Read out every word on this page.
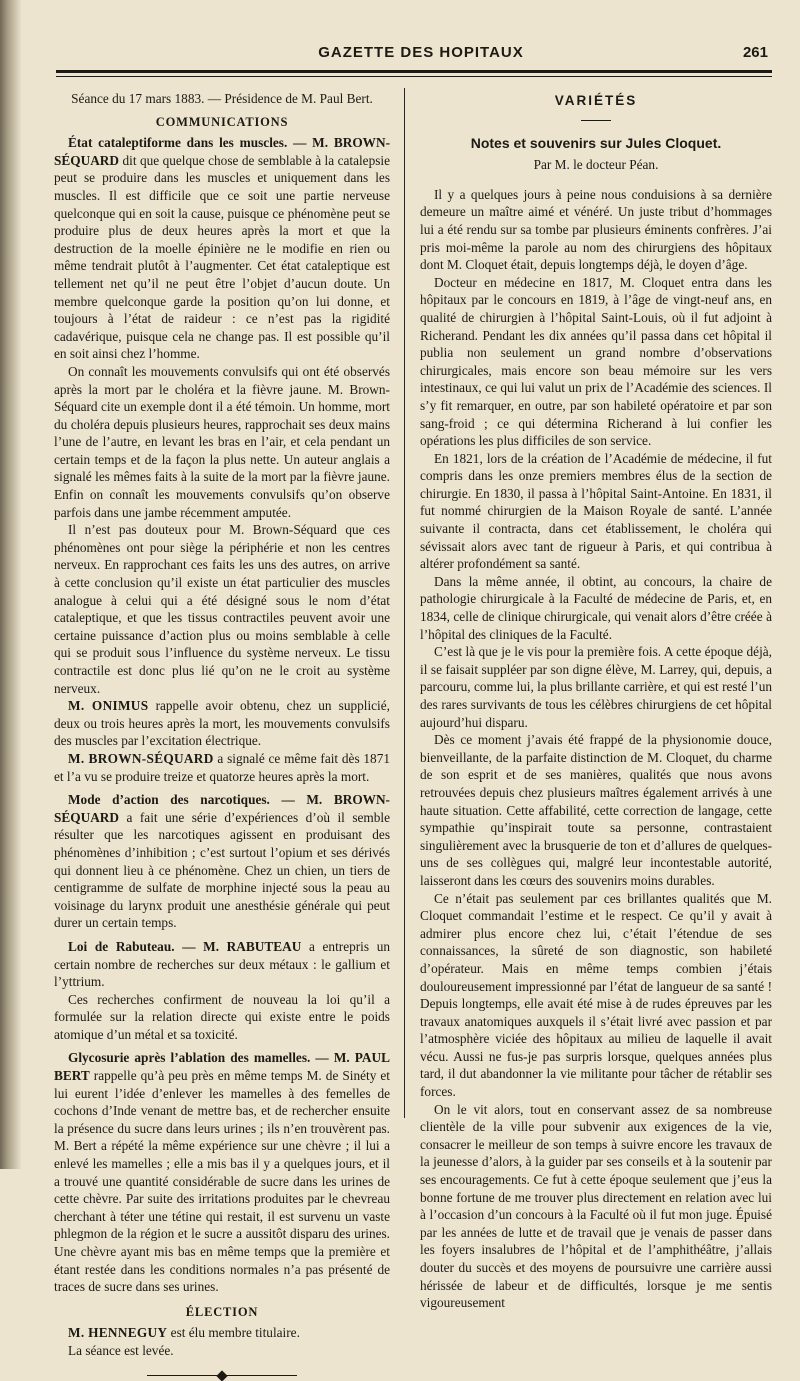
GAZETTE DES HOPITAUX	261

Séance du 17 mars 1883. — Présidence de M. Paul Bert.

COMMUNICATIONS

État cataleptiforme dans les muscles. — M. BROWN-SÉQUARD dit que quelque chose de semblable à la catalepsie peut se produire dans les muscles et uniquement dans les muscles. Il est difficile que ce soit une partie nerveuse quelconque qui en soit la cause, puisque ce phénomène peut se produire plus de deux heures après la mort et que la destruction de la moelle épinière ne le modifie en rien ou même tendrait plutôt à l’augmenter. Cet état cataleptique est tellement net qu’il ne peut être l’objet d’aucun doute. Un membre quelconque garde la position qu’on lui donne, et toujours à l’état de raideur : ce n’est pas la rigidité cadavérique, puisque cela ne change pas. Il est possible qu’il en soit ainsi chez l’homme.

On connaît les mouvements convulsifs qui ont été observés après la mort par le choléra et la fièvre jaune. M. Brown-Séquard cite un exemple dont il a été témoin. Un homme, mort du choléra depuis plusieurs heures, rapprochait ses deux mains l’une de l’autre, en levant les bras en l’air, et cela pendant un certain temps et de la façon la plus nette. Un auteur anglais a signalé les mêmes faits à la suite de la mort par la fièvre jaune. Enfin on connaît les mouvements convulsifs qu’on observe parfois dans une jambe récemment amputée.

Il n’est pas douteux pour M. Brown-Séquard que ces phénomènes ont pour siège la périphérie et non les centres nerveux. En rapprochant ces faits les uns des autres, on arrive à cette conclusion qu’il existe un état particulier des muscles analogue à celui qui a été désigné sous le nom d’état cataleptique, et que les tissus contractiles peuvent avoir une certaine puissance d’action plus ou moins semblable à celle qui se produit sous l’influence du système nerveux. Le tissu contractile est donc plus lié qu’on ne le croit au système nerveux.

M. ONIMUS rappelle avoir obtenu, chez un supplicié, deux ou trois heures après la mort, les mouvements convulsifs des muscles par l’excitation électrique.

M. BROWN-SÉQUARD a signalé ce même fait dès 1871 et l’a vu se produire treize et quatorze heures après la mort.

Mode d’action des narcotiques. — M. BROWN-SÉQUARD a fait une série d’expériences d’où il semble résulter que les narcotiques agissent en produisant des phénomènes d’inhibition ; c’est surtout l’opium et ses dérivés qui donnent lieu à ce phénomène. Chez un chien, un tiers de centigramme de sulfate de morphine injecté sous la peau au voisinage du larynx produit une anesthésie générale qui peut durer un certain temps.

Loi de Rabuteau. — M. RABUTEAU a entrepris un certain nombre de recherches sur deux métaux : le gallium et l’yttrium.

Ces recherches confirment de nouveau la loi qu’il a formulée sur la relation directe qui existe entre le poids atomique d’un métal et sa toxicité.

Glycosurie après l’ablation des mamelles. — M. PAUL BERT rappelle qu’à peu près en même temps M. de Sinéty et lui eurent l’idée d’enlever les mamelles à des femelles de cochons d’Inde venant de mettre bas, et de rechercher ensuite la présence du sucre dans leurs urines ; ils n’en trouvèrent pas. M. Bert a répété la même expérience sur une chèvre ; il lui a enlevé les mamelles ; elle a mis bas il y a quelques jours, et il a trouvé une quantité considérable de sucre dans les urines de cette chèvre. Par suite des irritations produites par le chevreau cherchant à téter une tétine qui restait, il est survenu un vaste phlegmon de la région et le sucre a aussitôt disparu des urines. Une chèvre ayant mis bas en même temps que la première et étant restée dans les conditions normales n’a pas présenté de traces de sucre dans ses urines.

ÉLECTION

M. HENNEGUY est élu membre titulaire.

La séance est levée.

VARIÉTÉS
Notes et souvenirs sur Jules Cloquet.
Par M. le docteur Péan.

Il y a quelques jours à peine nous conduisions à sa dernière demeure un maître aimé et vénéré. Un juste tribut d’hommages lui a été rendu sur sa tombe par plusieurs éminents confrères. J’ai pris moi-même la parole au nom des chirurgiens des hôpitaux dont M. Cloquet était, depuis longtemps déjà, le doyen d’âge.

Docteur en médecine en 1817, M. Cloquet entra dans les hôpitaux par le concours en 1819, à l’âge de vingt-neuf ans, en qualité de chirurgien à l’hôpital Saint-Louis, où il fut adjoint à Richerand. Pendant les dix années qu’il passa dans cet hôpital il publia non seulement un grand nombre d’observations chirurgicales, mais encore son beau mémoire sur les vers intestinaux, ce qui lui valut un prix de l’Académie des sciences. Il s’y fit remarquer, en outre, par son habileté opératoire et par son sang-froid ; ce qui détermina Richerand à lui confier les opérations les plus difficiles de son service.

En 1821, lors de la création de l’Académie de médecine, il fut compris dans les onze premiers membres élus de la section de chirurgie. En 1830, il passa à l’hôpital Saint-Antoine. En 1831, il fut nommé chirurgien de la Maison Royale de santé. L’année suivante il contracta, dans cet établissement, le choléra qui sévissait alors avec tant de rigueur à Paris, et qui contribua à altérer profondément sa santé.

Dans la même année, il obtint, au concours, la chaire de pathologie chirurgicale à la Faculté de médecine de Paris, et, en 1834, celle de clinique chirurgicale, qui venait alors d’être créée à l’hôpital des cliniques de la Faculté.

C’est là que je le vis pour la première fois. A cette époque déjà, il se faisait suppléer par son digne élève, M. Larrey, qui, depuis, a parcouru, comme lui, la plus brillante carrière, et qui est resté l’un des rares survivants de tous les célèbres chirurgiens de cet hôpital aujourd’hui disparu.

Dès ce moment j’avais été frappé de la physionomie douce, bienveillante, de la parfaite distinction de M. Cloquet, du charme de son esprit et de ses manières, qualités que nous avons retrouvées depuis chez plusieurs maîtres également arrivés à une haute situation. Cette affabilité, cette correction de langage, cette sympathie qu’inspirait toute sa personne, contrastaient singulièrement avec la brusquerie de ton et d’allures de quelques-uns de ses collègues qui, malgré leur incontestable autorité, laisseront dans les cœurs des souvenirs moins durables.

Ce n’était pas seulement par ces brillantes qualités que M. Cloquet commandait l’estime et le respect. Ce qu’il y avait à admirer plus encore chez lui, c’était l’étendue de ses connaissances, la sûreté de son diagnostic, son habileté d’opérateur. Mais en même temps combien j’étais douloureusement impressionné par l’état de langueur de sa santé ! Depuis longtemps, elle avait été mise à de rudes épreuves par les travaux anatomiques auxquels il s’était livré avec passion et par l’atmosphère viciée des hôpitaux au milieu de laquelle il avait vécu. Aussi ne fus-je pas surpris lorsque, quelques années plus tard, il dut abandonner la vie militante pour tâcher de rétablir ses forces.

On le vit alors, tout en conservant assez de sa nombreuse clientèle de la ville pour subvenir aux exigences de la vie, consacrer le meilleur de son temps à suivre encore les travaux de la jeunesse d’alors, à la guider par ses conseils et à la soutenir par ses encouragements. Ce fut à cette époque seulement que j’eus la bonne fortune de me trouver plus directement en relation avec lui à l’occasion d’un concours à la Faculté où il fut mon juge. Épuisé par les années de lutte et de travail que je venais de passer dans les foyers insalubres de l’hôpital et de l’amphithéâtre, j’allais douter du succès et des moyens de poursuivre une carrière aussi hérissée de labeur et de difficultés, lorsque je me sentis vigoureusement
